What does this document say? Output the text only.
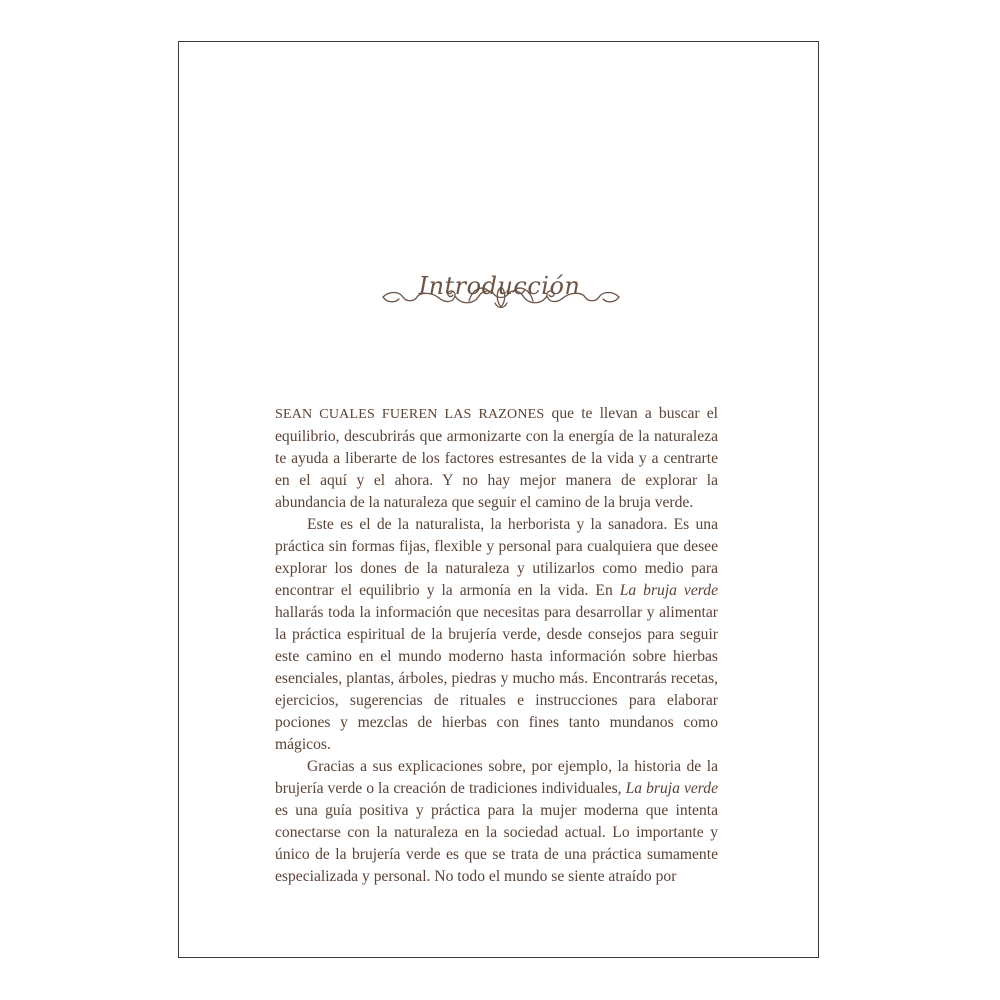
Introducción

SEAN CUALES FUEREN LAS RAZONES que te llevan a buscar el equilibrio, descubrirás que armonizarte con la energía de la naturaleza te ayuda a liberarte de los factores estresantes de la vida y a centrarte en el aquí y el ahora. Y no hay mejor manera de explorar la abundancia de la naturaleza que seguir el camino de la bruja verde.

Este es el de la naturalista, la herborista y la sanadora. Es una práctica sin formas fijas, flexible y personal para cualquiera que desee explorar los dones de la naturaleza y utilizarlos como medio para encontrar el equilibrio y la armonía en la vida. En La bruja verde hallarás toda la información que necesitas para desarrollar y alimentar la práctica espiritual de la brujería verde, desde consejos para seguir este camino en el mundo moderno hasta información sobre hierbas esenciales, plantas, árboles, piedras y mucho más. Encontrarás recetas, ejercicios, sugerencias de rituales e instrucciones para elaborar pociones y mezclas de hierbas con fines tanto mundanos como mágicos.

Gracias a sus explicaciones sobre, por ejemplo, la historia de la brujería verde o la creación de tradiciones individuales, La bruja verde es una guía positiva y práctica para la mujer moderna que intenta conectarse con la naturaleza en la sociedad actual. Lo importante y único de la brujería verde es que se trata de una práctica sumamente especializada y personal. No todo el mundo se siente atraído por
